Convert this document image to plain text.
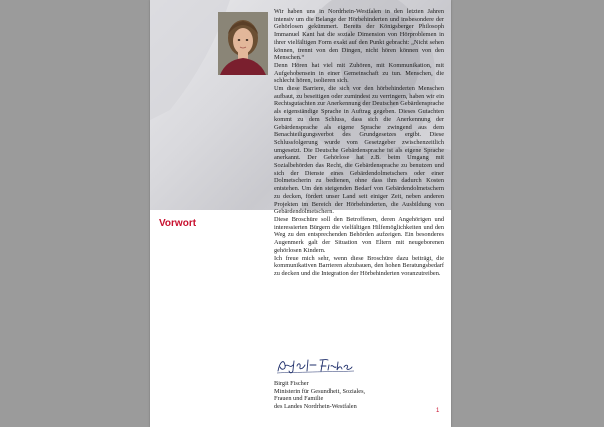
Vorwort

Wir haben uns in Nordrhein-Westfalen in den letzten Jahren intensiv um die Belange der Hörbehinderten und insbesondere der Gehörlosen gekümmert. Bereits der Königsberger Philosoph Immanuel Kant hat die soziale Dimension von Hörproblemen in ihrer vielfältigen Form exakt auf den Punkt gebracht: „Nicht sehen können, trennt von den Dingen, nicht hören können von den Menschen.“

Denn Hören hat viel mit Zuhören, mit Kommunikation, mit Aufgehobensein in einer Gemeinschaft zu tun. Menschen, die schlecht hören, isolieren sich.

Um diese Barriere, die sich vor den hörbehinderten Menschen aufbaut, zu beseitigen oder zumindest zu verringern, haben wir ein Rechtsgutachten zur Anerkennung der Deutschen Gebärdensprache als eigenständige Sprache in Auftrag gegeben. Dieses Gutachten kommt zu dem Schluss, dass sich die Anerkennung der Gebärdensprache als eigene Sprache zwingend aus dem Benachteiligungsverbot des Grundgesetzes ergibt. Diese Schlussfolgerung wurde vom Gesetzgeber zwischenzeitlich umgesetzt. Die Deutsche Gebärdensprache ist als eigene Sprache anerkannt. Der Gehörlose hat z.B. beim Umgang mit Sozialbehörden das Recht, die Gebärdensprache zu benutzen und sich der Dienste eines Gebärdendolmetschers oder einer Dolmetscherin zu bedienen, ohne dass ihm dadurch Kosten entstehen. Um den steigenden Bedarf von Gebärdendolmetschern zu decken, fördert unser Land seit einiger Zeit, neben anderen Projekten im Bereich der Hörbehinderten, die Ausbildung von Gebärdendolmetschern.

Diese Broschüre soll den Betroffenen, deren Angehörigen und interessierten Bürgern die vielfältigen Hilfemöglichkeiten und den Weg zu den entsprechenden Behörden aufzeigen. Ein besonderes Augenmerk galt der Situation von Eltern mit neugeborenen gehörlosen Kindern.

Ich freue mich sehr, wenn diese Broschüre dazu beiträgt, die kommunikativen Barrieren abzubauen, den hohen Beratungsbedarf zu decken und die Integration der Hörbehinderten voranzutreiben.

Birgit Fischer
Ministerin für Gesundheit, Soziales,
Frauen und Familie
des Landes Nordrhein-Westfalen
1
